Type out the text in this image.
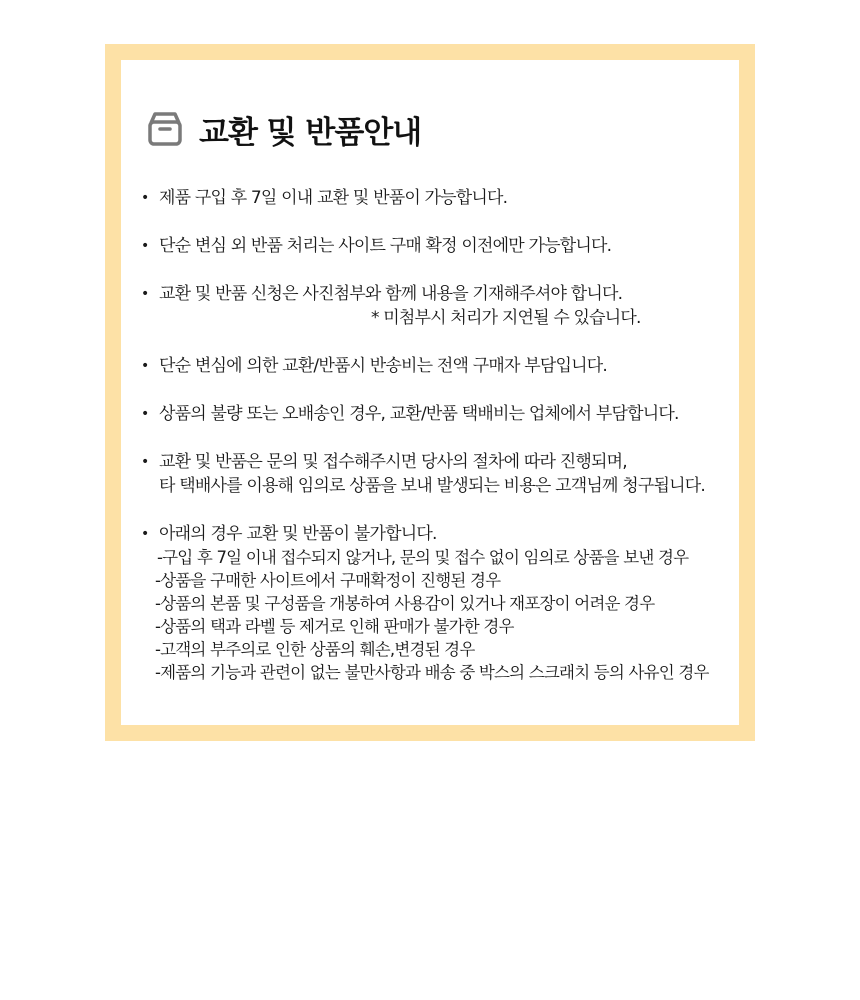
교환 및 반품안내
• 제품 구입 후 7일 이내 교환 및 반품이 가능합니다.
• 단순 변심 외 반품 처리는 사이트 구매 확정 이전에만 가능합니다.
• 교환 및 반품 신청은 사진첨부와 함께 내용을 기재해주셔야 합니다.
* 미첨부시 처리가 지연될 수 있습니다.
• 단순 변심에 의한 교환/반품시 반송비는 전액 구매자 부담입니다.
• 상품의 불량 또는 오배송인 경우, 교환/반품 택배비는 업체에서 부담합니다.
• 교환 및 반품은 문의 및 접수해주시면 당사의 절차에 따라 진행되며,
타 택배사를 이용해 임의로 상품을 보내 발생되는 비용은 고객님께 청구됩니다.
• 아래의 경우 교환 및 반품이 불가합니다.
-구입 후 7일 이내 접수되지 않거나, 문의 및 접수 없이 임의로 상품을 보낸 경우
-상품을 구매한 사이트에서 구매확정이 진행된 경우
-상품의 본품 및 구성품을 개봉하여 사용감이 있거나 재포장이 어려운 경우
-상품의 택과 라벨 등 제거로 인해 판매가 불가한 경우
-고객의 부주의로 인한 상품의 훼손,변경된 경우
-제품의 기능과 관련이 없는 불만사항과 배송 중 박스의 스크래치 등의 사유인 경우
